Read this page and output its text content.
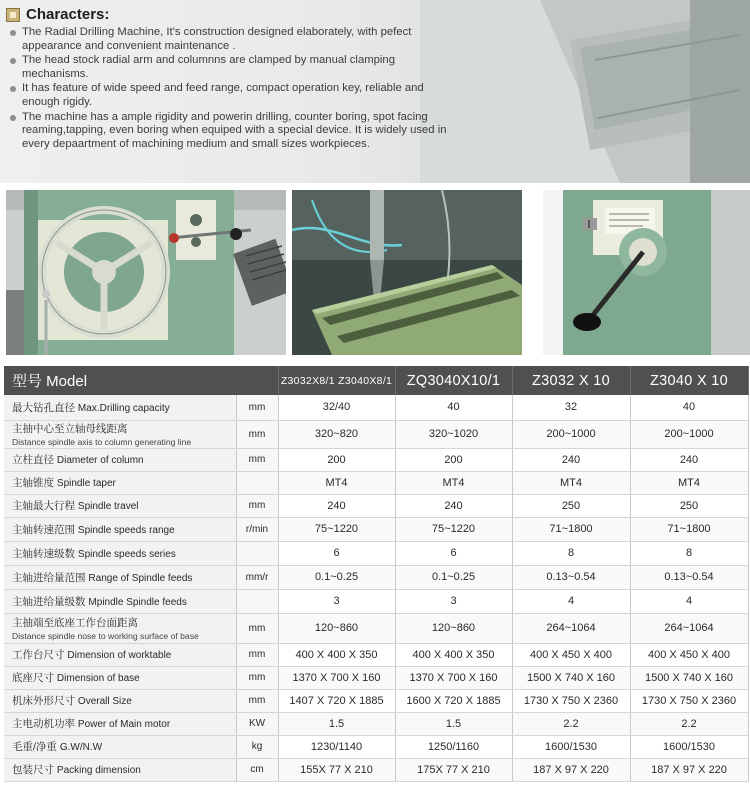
Characters:
The Radial Drilling Machine, It's construction designed elaborately, with pefect appearance and convenient maintenance .
The head stock radial arm and columnns are clamped by manual clamping mechanisms.
It has feature of wide speed and feed range, compact operation key, reliable and enough rigidy.
The machine has a ample rigidity and powerin drilling, counter boring, spot facing reaming,tapping, even boring when equiped with a special device. It is widely used in every depaartment of machining medium and small sizes workpieces.
型号 Model		Z3032X8/1 Z3040X8/1	ZQ3040X10/1	Z3032 X 10	Z3040 X 10
最大钻孔直径 Max.Drilling capacity	mm	32/40	40	32	40
主抽中心至立轴母线距离
Distance spindle axis to column generating line	mm	320~820	320~1020	200~1000	200~1000
立柱直径 Diameter of column	mm	200	200	240	240
主轴锥度 Spindle taper		MT4	MT4	MT4	MT4
主轴最大行程 Spindle travel	mm	240	240	250	250
主轴转速范围 Spindle speeds range	r/min	75~1220	75~1220	71~1800	71~1800
主轴转速级数 Spindle speeds series		6	6	8	8
主轴进给量范围 Range of Spindle feeds	mm/r	0.1~0.25	0.1~0.25	0.13~0.54	0.13~0.54
主轴进给量级数 Mpindle Spindle feeds		3	3	4	4
主抽端至底座工作台面距离
Distance spindle nose to working surface of base	mm	120~860	120~860	264~1064	264~1064
工作台尺寸 Dimension of worktable	mm	400 X 400 X 350	400 X 400 X 350	400 X 450 X 400	400 X 450 X 400
底座尺寸 Dimension of base	mm	1370 X 700 X 160	1370 X 700 X 160	1500 X 740 X 160	1500 X 740 X 160
机床外形尺寸 Overall Size	mm	1407 X 720 X 1885	1600 X 720 X 1885	1730 X 750 X 2360	1730 X 750 X 2360
主电动机功率 Power of Main motor	KW	1.5	1.5	2.2	2.2
毛重/净重 G.W/N.W	kg	1230/1140	1250/1160	1600/1530	1600/1530
包装尺寸 Packing dimension	cm	155X 77 X 210	175X 77 X 210	187 X 97 X 220	187 X 97 X 220
